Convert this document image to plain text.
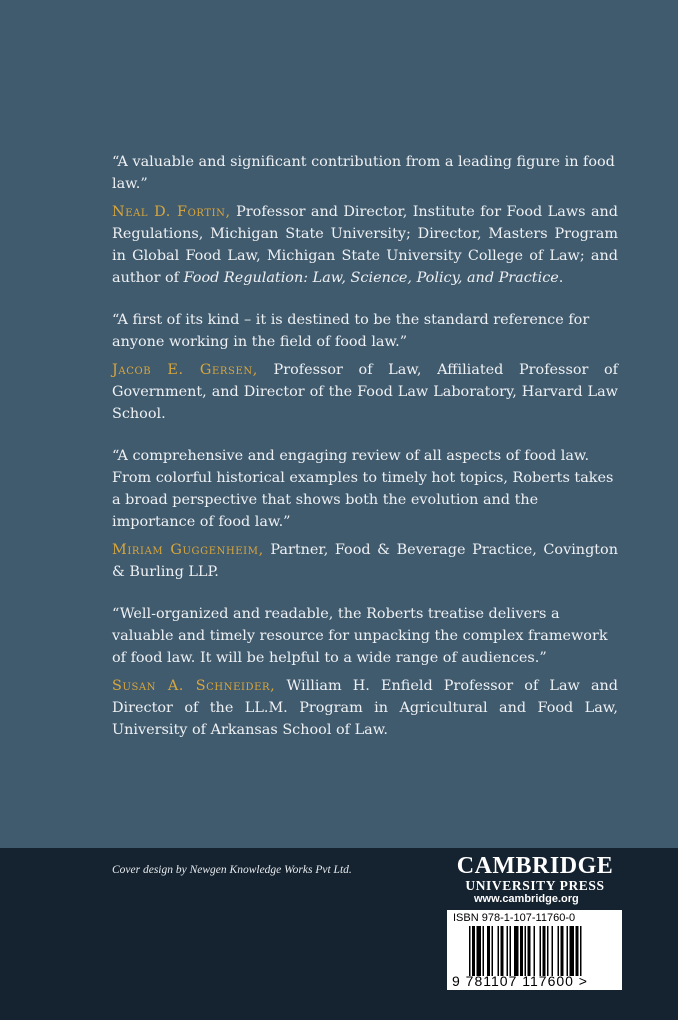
“A valuable and significant contribution from a leading figure in food law.”

Neal D. Fortin, Professor and Director, Institute for Food Laws and Regulations, Michigan State University; Director, Masters Program in Global Food Law, Michigan State University College of Law; and author of Food Regulation: Law, Science, Policy, and Practice.

“A first of its kind – it is destined to be the standard reference for anyone working in the field of food law.”

Jacob E. Gersen, Professor of Law, Affiliated Professor of Government, and Director of the Food Law Laboratory, Harvard Law School.

“A comprehensive and engaging review of all aspects of food law. From colorful historical examples to timely hot topics, Roberts takes a broad perspective that shows both the evolution and the importance of food law.”

Miriam Guggenheim, Partner, Food & Beverage Practice, Covington & Burling LLP.

“Well-organized and readable, the Roberts treatise delivers a valuable and timely resource for unpacking the complex framework of food law. It will be helpful to a wide range of audiences.”

Susan A. Schneider, William H. Enfield Professor of Law and Director of the LL.M. Program in Agricultural and Food Law, University of Arkansas School of Law.

Cover design by Newgen Knowledge Works Pvt Ltd.	CAMBRIDGE
UNIVERSITY PRESS
www.cambridge.org
ISBN 978-1-107-11760-0
9 781107 117600 >
